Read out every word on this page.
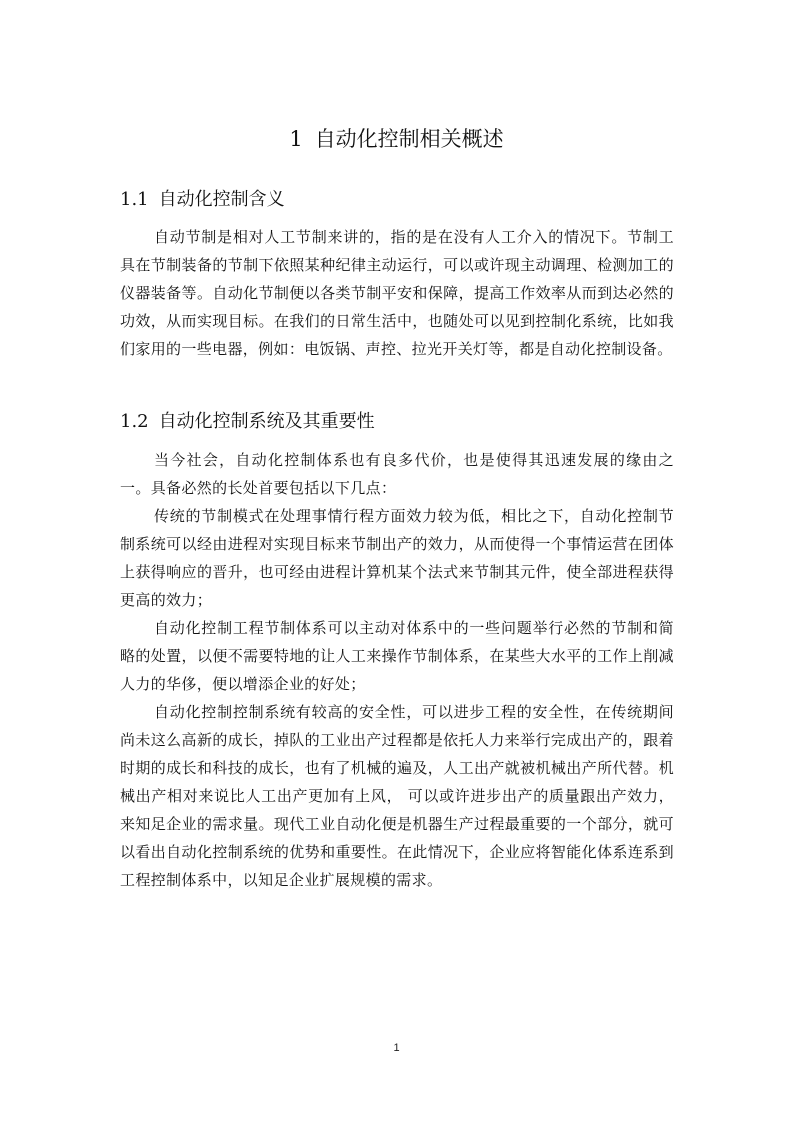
1 自动化控制相关概述
1.1 自动化控制含义

自动节制是相对人工节制来讲的，指的是在没有人工介入的情况下。节制工具在节制装备的节制下依照某种纪律主动运行，可以或许现主动调理、检测加工的仪器装备等。自动化节制便以各类节制平安和保障，提高工作效率从而到达必然的功效，从而实现目标。在我们的日常生活中，也随处可以见到控制化系统，比如我们家用的一些电器，例如：电饭锅、声控、拉光开关灯等，都是自动化控制设备。

1.2 自动化控制系统及其重要性

当今社会，自动化控制体系也有良多代价，也是使得其迅速发展的缘由之一。具备必然的长处首要包括以下几点：

传统的节制模式在处理事情行程方面效力较为低，相比之下，自动化控制节制系统可以经由进程对实现目标来节制出产的效力，从而使得一个事情运营在团体上获得响应的晋升，也可经由进程计算机某个法式来节制其元件，使全部进程获得更高的效力；

自动化控制工程节制体系可以主动对体系中的一些问题举行必然的节制和简略的处置，以便不需要特地的让人工来操作节制体系，在某些大水平的工作上削减人力的华侈，便以增添企业的好处；

自动化控制控制系统有较高的安全性，可以进步工程的安全性，在传统期间尚未这么高新的成长，掉队的工业出产过程都是依托人力来举行完成出产的，跟着时期的成长和科技的成长，也有了机械的遍及，人工出产就被机械出产所代替。机械出产相对来说比人工出产更加有上风， 可以或许进步出产的质量跟出产效力，来知足企业的需求量。现代工业自动化便是机器生产过程最重要的一个部分，就可以看出自动化控制系统的优势和重要性。在此情况下，企业应将智能化体系连系到工程控制体系中，以知足企业扩展规模的需求。

1
